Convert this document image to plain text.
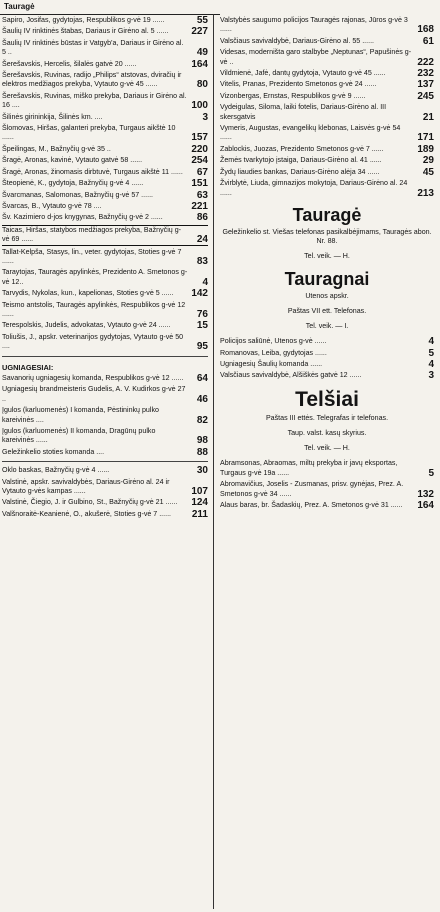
Tauragė
Sapiro, Josifas, gydytojas, Respublikos g-vė 19 ......	55
Šaulių IV rinktinės štabas, Dariaus ir Girėno al. 5 ...... 227
Šaulių IV rinktinės būstas ir Vatgyb'a, Dariaus ir Girėno al. 5 ..	49
Šerešavskis, Hercelis, šilalės gatvė 20 ......	164
Šerešavskis, Ruvinas, radijo „Philips“ atstovas, dviračių ir elektros medžiagos prekyba, Vytauto g-vė 45 ......	80
Šerešavskis, Ruvinas, miško prekyba, Dariaus ir Girėno al. 16 ....	100
Šilinės girininkija, Šilinės km. ....	3
Šlomovas, Hiršas, galanteri prekyba, Turgaus aikštė 10 ......	157
Špeilingas, M., Bažnyčių g-vė 35 ..	220
Šragė, Aronas, kavinė, Vytauto gatvė 58 ......	254
Šragė, Aronas, žinomasis dirbtuvė, Turgaus aikštė 11 ...... 67
Šteopienė, K., gydytoja, Bažnyčių g-vė 4 ......	151
Švarcmanas, Salomonas, Bažnyčių g-vė 57 ......	63
Švarcas, B., Vytauto g-vė 78 ....	221
Šv. Kazimiero d-jos knygynas, Bažnyčių g-vė 2 ......	86
Taicas, Hiršas, statybos medžiagos prekyba, Bažnyčių g-vė 69 ......	24
Tallat-Kelpša, Stasys, lin., veter. gydytojas, Stoties g-vė 7 ......	83
Taraytojas, Tauragės apylinkės, Prezidento A. Smetonos g-vė 12..	4
Tarvydis, Nykolas, kun., kapelionas, Stoties g-vė 5 ...... 142
Teismo antstolis, Tauragės apylinkės, Respublikos g-vė 12 ......	76
Terespolskis, Judelis, advokatas, Vytauto g-vė 24 ......	15
Toliušis, J., apskr. veterinarijos gydytojas, Vytauto g-vė 50 ....	95
UGNIAGESIAI:
Savanorių ugniagesių komanda, Respublikos g-vė 12 ...... 64
Ugniagesių brandmeisteris Gudelis, A. V. Kudirkos g-vė 27 ..	46
Įgulos (karluomenės) I komanda, Pėstininkų pulko kareivinės ....	82
Įgulos (karluomenės) II komanda, Dragūnų pulko kareivinės ......	98
Geležinkelio stoties komanda ....	88
Oklo baskas, Bažnyčių g-vė 4 ......	30
Valstinė, apskr. savivaldybės, Dariaus-Girėno al. 24 ir Vytauto g-vės kampas ......	107
Valstinė, Čiegio, J. ir Gulbino, St., Bažnyčių g-vė 21 ...... 124
Valšnoraitė-Keanienė, O., akušerė, Stoties g-vė 7 ...... 211
Valstybės saugumo policijos Tauragės rajonas, Jūros g-vė 3 ......	168
Valsčiaus savivaldybė, Dariaus-Girėno al. 55 ......	61
Videsas, moderništa garo stalbybe „Neptunas“, Papušinės g-vė ..	222
Vildmienė, Jafė, dantų gydytoja, Vytauto g-vė 45 ......	232
Vitelis, Pranas, Prezidento Smetonos g-vė 24 ......	137
Vizonbergas, Ernstas, Respublikos g-vė 9 ......	245
Vydeigulas, Siloma, laiki fotelis, Dariaus-Girėno al. III skersgatvis	21
Vymeris, Augustas, evangelikų klebonas, Laisvės g-vė 54 ......	171
Zablockis, Juozas, Prezidento Smetonos g-vė 7 ......	189
Žemės tvarkytojo įstaiga, Dariaus-Girėno al. 41 ......	29
Žydų liaudies bankas, Dariaus-Girėno alėja 34 ......	45
Žvirblytė, Liuda, gimnazijos mokytoja, Dariaus-Girėno al. 24 ......	213
Tauragė
Geležinkelio st. Viešas telefonas pasikalbėjimams, Tauragės abon. Nr. 88.
Tel. veik. — H.
Tauragnai
Utenos apskr.
Paštas VII ett. Telefonas.
Tel. veik. — I.
Policijos saliūnė, Utenos g-vė ......	4
Romanovas, Leiba, gydytojas ......	5
Ugniagesių Šaulių komanda ......	4
Valsčiaus savivaldybė, Alšiškės gatvė 12 ......	3
Telšiai
Paštas III ettės. Telegrafas ir telefonas.
Taup. valst. kasų skyrius.
Tel. veik. — H.
Abramsonas, Abraomas, miltų prekyba ir javų eksportas, Turgaus g-vė 19a ......	5
Abromavičius, Joselis - Zusmanas, prisv. gynėjas, Prez. A. Smetonos g-vė 34 ......	132
Alaus baras, br. Šadaskių, Prez. A. Smetonos g-vė 31 ...... 164
